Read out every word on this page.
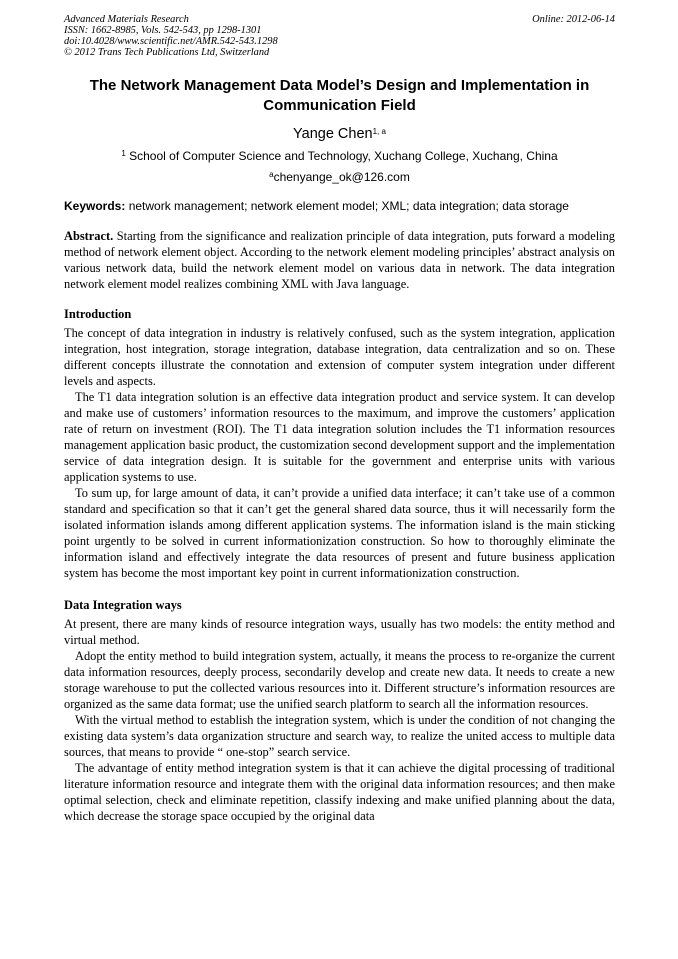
Advanced Materials Research
ISSN: 1662-8985, Vols. 542-543, pp 1298-1301
doi:10.4028/www.scientific.net/AMR.542-543.1298
© 2012 Trans Tech Publications Ltd, Switzerland
Online: 2012-06-14
The Network Management Data Model’s Design and Implementation in Communication Field
Yange Chen$^{1, a}$
$^1$ School of Computer Science and Technology, Xuchang College, Xuchang, China
$^a$chenyange_ok@126.com
Keywords: network management; network element model; XML; data integration; data storage
Abstract. Starting from the significance and realization principle of data integration, puts forward a modeling method of network element object. According to the network element modeling principles’ abstract analysis on various network data, build the network element model on various data in network. The data integration network element model realizes combining XML with Java language.
Introduction

The concept of data integration in industry is relatively confused, such as the system integration, application integration, host integration, storage integration, database integration, data centralization and so on. These different concepts illustrate the connotation and extension of computer system integration under different levels and aspects.

The T1 data integration solution is an effective data integration product and service system. It can develop and make use of customers’ information resources to the maximum, and improve the customers’ application rate of return on investment (ROI). The T1 data integration solution includes the T1 information resources management application basic product, the customization second development support and the implementation service of data integration design. It is suitable for the government and enterprise units with various application systems to use.

To sum up, for large amount of data, it can’t provide a unified data interface; it can’t take use of a common standard and specification so that it can’t get the general shared data source, thus it will necessarily form the isolated information islands among different application systems. The information island is the main sticking point urgently to be solved in current informationization construction. So how to thoroughly eliminate the information island and effectively integrate the data resources of present and future business application system has become the most important key point in current informationization construction.

Data Integration ways

At present, there are many kinds of resource integration ways, usually has two models: the entity method and virtual method.

Adopt the entity method to build integration system, actually, it means the process to re-organize the current data information resources, deeply process, secondarily develop and create new data. It needs to create a new storage warehouse to put the collected various resources into it. Different structure’s information resources are organized as the same data format; use the unified search platform to search all the information resources.

With the virtual method to establish the integration system, which is under the condition of not changing the existing data system’s data organization structure and search way, to realize the united access to multiple data sources, that means to provide “ one-stop” search service.

The advantage of entity method integration system is that it can achieve the digital processing of traditional literature information resource and integrate them with the original data information resources; and then make optimal selection, check and eliminate repetition, classify indexing and make unified planning about the data, which decrease the storage space occupied by the original data
